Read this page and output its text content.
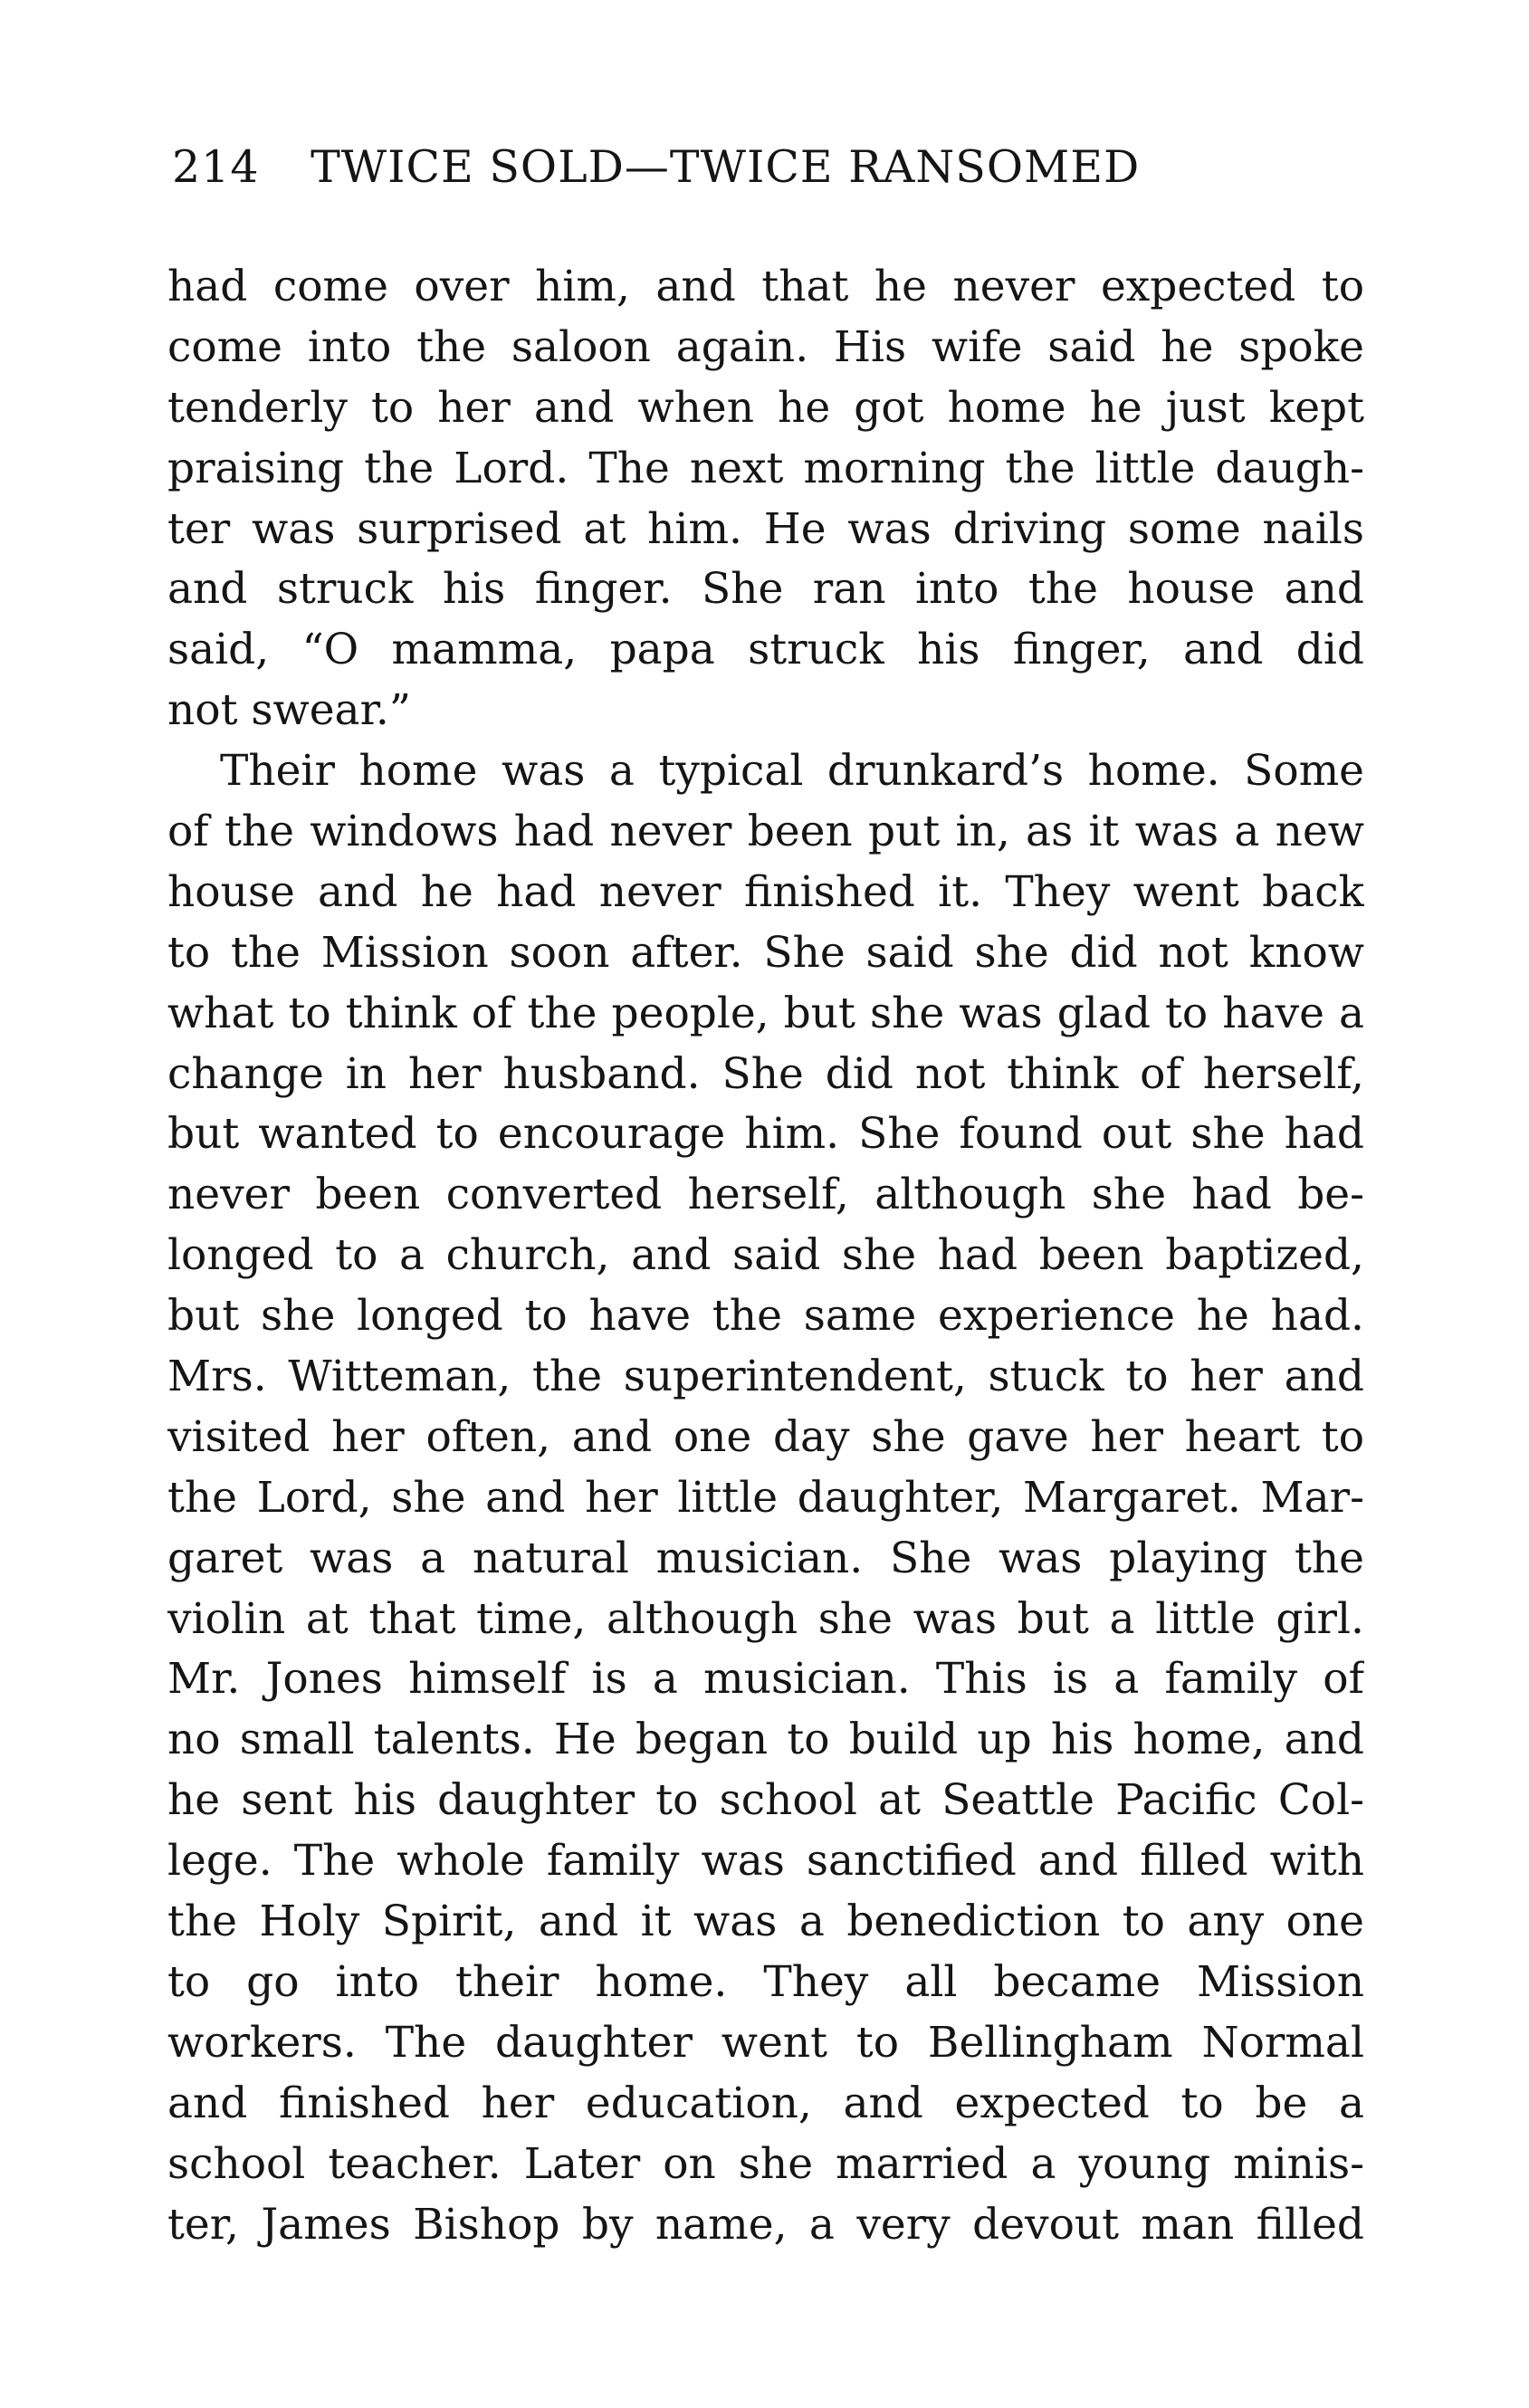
214 TWICE SOLD—TWICE RANSOMED
had come over him, and that he never expected to
come into the saloon again. His wife said he spoke
tenderly to her and when he got home he just kept
praising the Lord. The next morning the little daugh-
ter was surprised at him. He was driving some nails
and struck his finger. She ran into the house and
said, “O mamma, papa struck his finger, and did
not swear.”
Their home was a typical drunkard’s home. Some
of the windows had never been put in, as it was a new
house and he had never finished it. They went back
to the Mission soon after. She said she did not know
what to think of the people, but she was glad to have a
change in her husband. She did not think of herself,
but wanted to encourage him. She found out she had
never been converted herself, although she had be-
longed to a church, and said she had been baptized,
but she longed to have the same experience he had.
Mrs. Witteman, the superintendent, stuck to her and
visited her often, and one day she gave her heart to
the Lord, she and her little daughter, Margaret. Mar-
garet was a natural musician. She was playing the
violin at that time, although she was but a little girl.
Mr. Jones himself is a musician. This is a family of
no small talents. He began to build up his home, and
he sent his daughter to school at Seattle Pacific Col-
lege. The whole family was sanctified and filled with
the Holy Spirit, and it was a benediction to any one
to go into their home. They all became Mission
workers. The daughter went to Bellingham Normal
and finished her education, and expected to be a
school teacher. Later on she married a young minis-
ter, James Bishop by name, a very devout man filled
